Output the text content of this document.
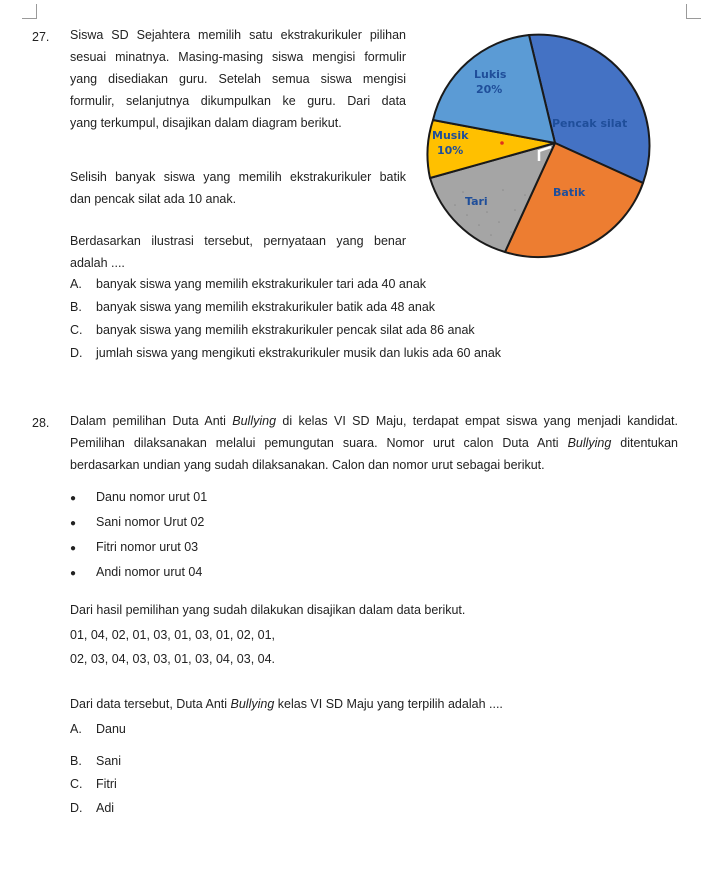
27. Siswa SD Sejahtera memilih satu ekstrakurikuler pilihan
sesuai minatnya. Masing-masing siswa mengisi formulir
yang disediakan guru. Setelah semua siswa mengisi
formulir, selanjutnya dikumpulkan ke guru. Dari data
yang terkumpul, disajikan dalam diagram berikut.
Selisih banyak siswa yang memilih ekstrakurikuler batik
dan pencak silat ada 10 anak.
Berdasarkan ilustrasi tersebut, pernyataan yang benar
adalah ....
Lukis
20%
Musik
10%
Pencak silat
Batik
Tari
A. banyak siswa yang memilih ekstrakurikuler tari ada 40 anak
B. banyak siswa yang memilih ekstrakurikuler batik ada 48 anak
C. banyak siswa yang memilih ekstrakurikuler pencak silat ada 86 anak
D. jumlah siswa yang mengikuti ekstrakurikuler musik dan lukis ada 60 anak
28. Dalam pemilihan Duta Anti Bullying di kelas VI SD Maju, terdapat empat siswa yang menjadi kandidat.
Pemilihan dilaksanakan melalui pemungutan suara. Nomor urut calon Duta Anti Bullying ditentukan
berdasarkan undian yang sudah dilaksanakan. Calon dan nomor urut sebagai berikut.
● Danu nomor urut 01
● Sani nomor Urut 02
● Fitri nomor urut 03
● Andi nomor urut 04
Dari hasil pemilihan yang sudah dilakukan disajikan dalam data berikut.
01, 04, 02, 01, 03, 01, 03, 01, 02, 01,
02, 03, 04, 03, 03, 01, 03, 04, 03, 04.
Dari data tersebut, Duta Anti Bullying kelas VI SD Maju yang terpilih adalah ....
A. Danu
B. Sani
C. Fitri
D. Adi
